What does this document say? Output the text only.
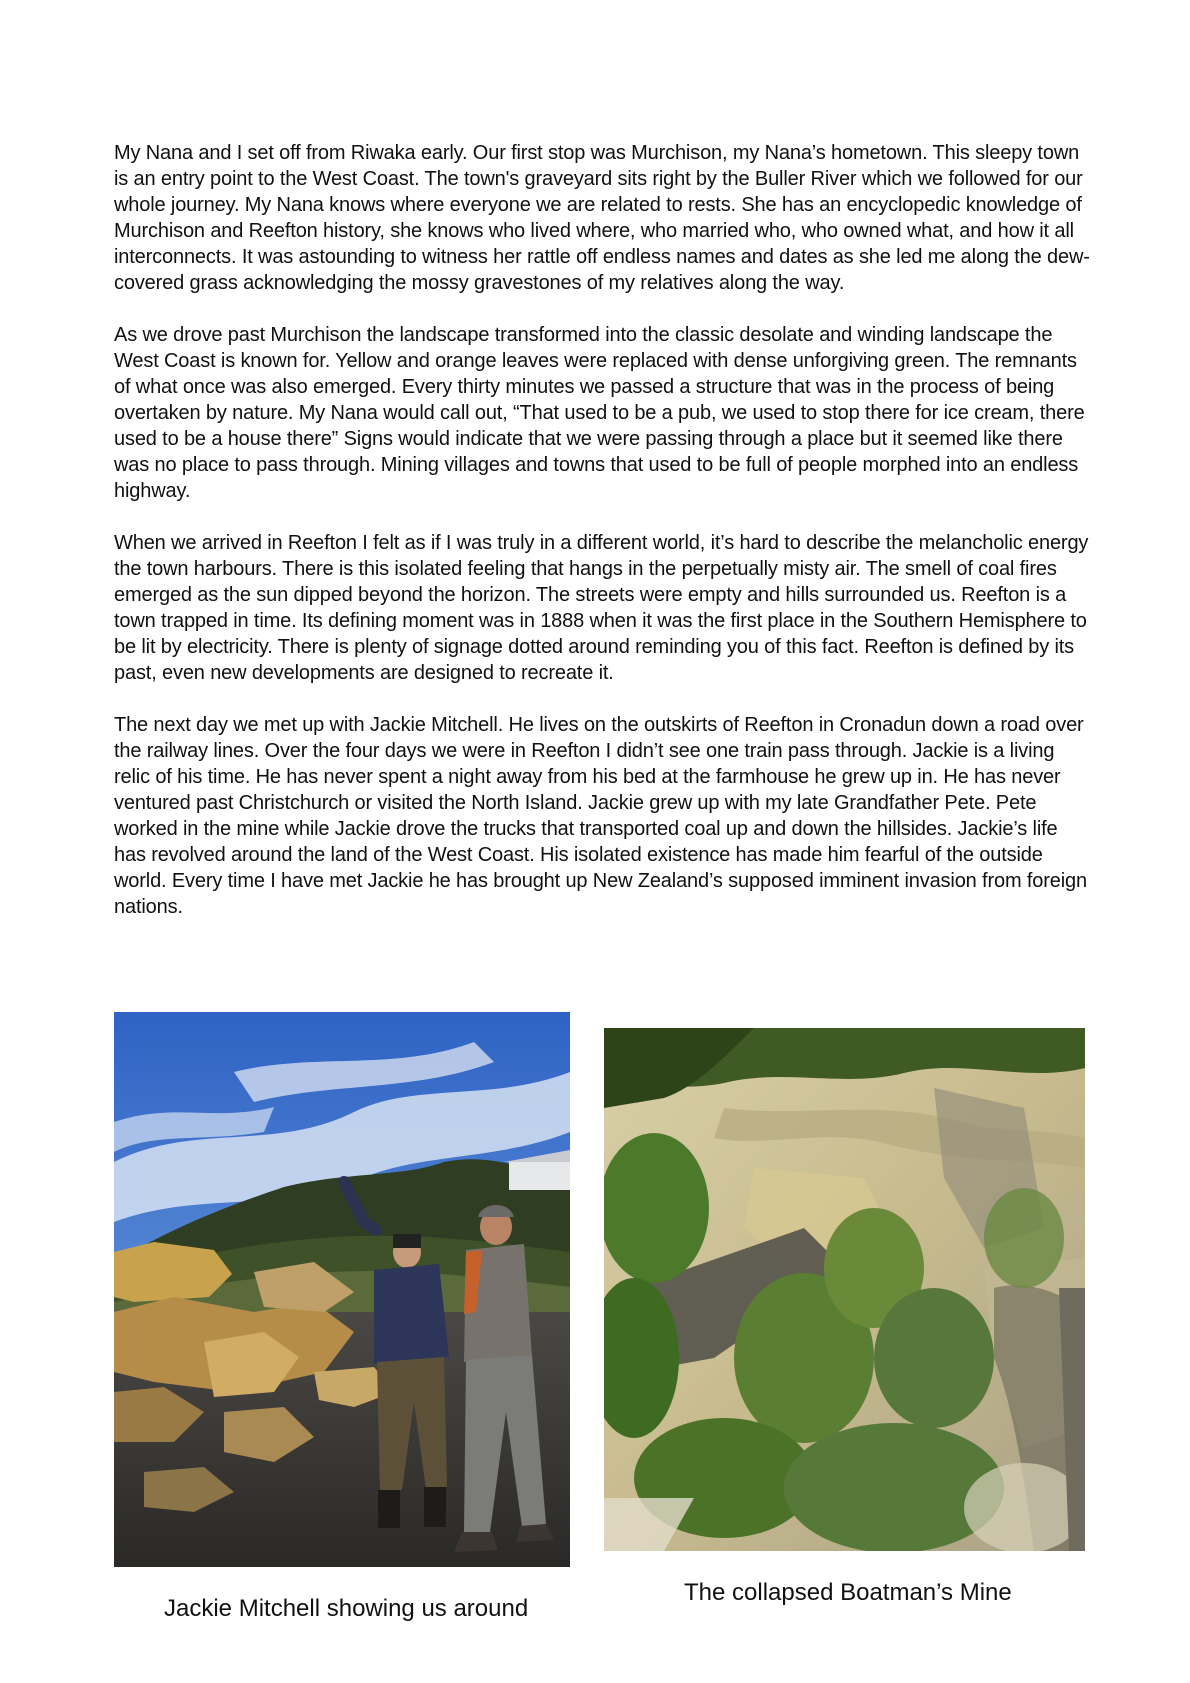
My Nana and I set off from Riwaka early. Our first stop was Murchison, my Nana’s hometown. This sleepy town is an entry point to the West Coast. The town's graveyard sits right by the Buller River which we followed for our whole journey. My Nana knows where everyone we are related to rests. She has an encyclopedic knowledge of Murchison and Reefton history, she knows who lived where, who married who, who owned what, and how it all interconnects. It was astounding to witness her rattle off endless names and dates as she led me along the dew-covered grass acknowledging the mossy gravestones of my relatives along the way.

As we drove past Murchison the landscape transformed into the classic desolate and winding landscape the West Coast is known for. Yellow and orange leaves were replaced with dense unforgiving green. The remnants of what once was also emerged. Every thirty minutes we passed a structure that was in the process of being overtaken by nature. My Nana would call out, “That used to be a pub, we used to stop there for ice cream, there used to be a house there” Signs would indicate that we were passing through a place but it seemed like there was no place to pass through. Mining villages and towns that used to be full of people morphed into an endless highway.

When we arrived in Reefton I felt as if I was truly in a different world, it’s hard to describe the melancholic energy the town harbours. There is this isolated feeling that hangs in the perpetually misty air. The smell of coal fires emerged as the sun dipped beyond the horizon. The streets were empty and hills surrounded us. Reefton is a town trapped in time. Its defining moment was in 1888 when it was the first place in the Southern Hemisphere to be lit by electricity. There is plenty of signage dotted around reminding you of this fact. Reefton is defined by its past, even new developments are designed to recreate it.

The next day we met up with Jackie Mitchell. He lives on the outskirts of Reefton in Cronadun down a road over the railway lines. Over the four days we were in Reefton I didn’t see one train pass through. Jackie is a living relic of his time. He has never spent a night away from his bed at the farmhouse he grew up in. He has never ventured past Christchurch or visited the North Island. Jackie grew up with my late Grandfather Pete. Pete worked in the mine while Jackie drove the trucks that transported coal up and down the hillsides. Jackie’s life has revolved around the land of the West Coast. His isolated existence has made him fearful of the outside world. Every time I have met Jackie he has brought up New Zealand’s supposed imminent invasion from foreign nations.

Jackie Mitchell showing us around
The collapsed Boatman’s Mine
